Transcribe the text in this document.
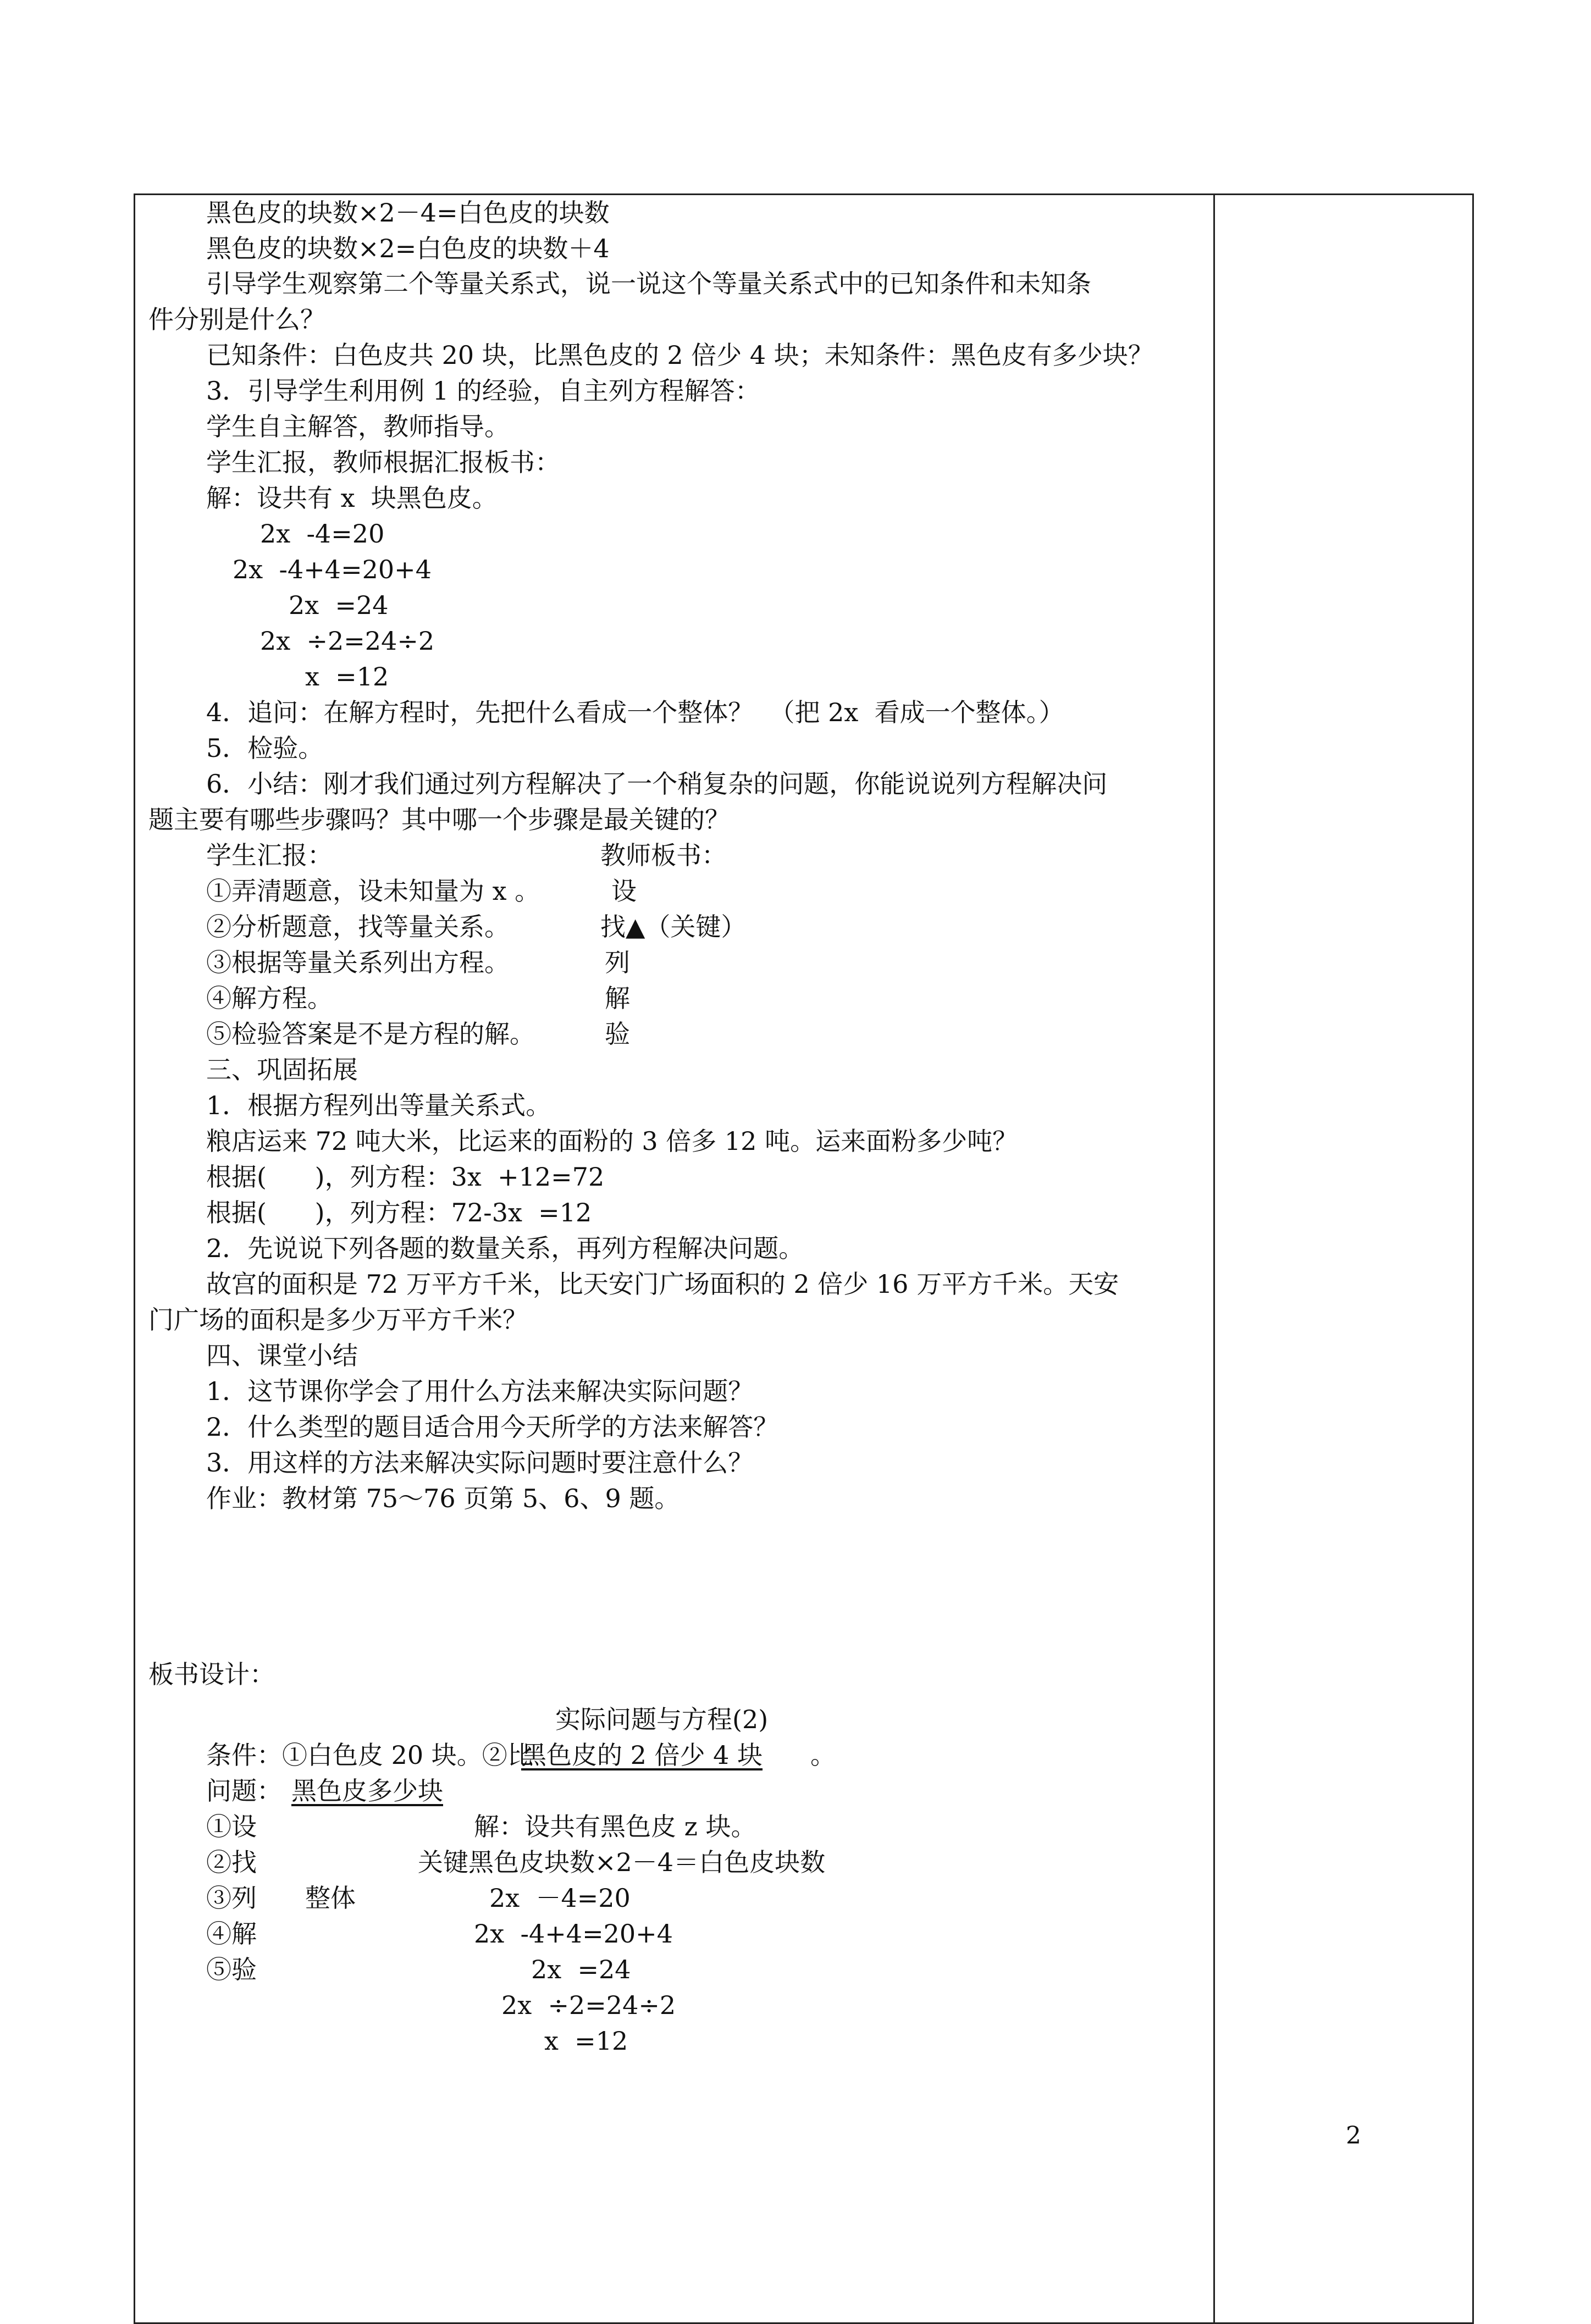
黑色皮的块数×2－4=白色皮的块数
黑色皮的块数×2=白色皮的块数＋4
引导学生观察第二个等量关系式，说一说这个等量关系式中的已知条件和未知条
件分别是什么？
已知条件：白色皮共 20 块，比黑色皮的 2 倍少 4 块；未知条件：黑色皮有多少块？
3．引导学生利用例 1 的经验，自主列方程解答：
学生自主解答，教师指导。
学生汇报，教师根据汇报板书：
解：设共有 x  块黑色皮。
2x  -4=20
2x  -4+4=20+4
2x  =24
2x  ÷2=24÷2
x  =12
4．追问：在解方程时，先把什么看成一个整体？  （把 2x  看成一个整体。）
5．检验。
6．小结：刚才我们通过列方程解决了一个稍复杂的问题，你能说说列方程解决问
题主要有哪些步骤吗？其中哪一个步骤是最关键的？
学生汇报：	教师板书：
①弄清题意，设未知量为 x 。	设
②分析题意，找等量关系。	找▲（关键）
③根据等量关系列出方程。	列
④解方程。	解
⑤检验答案是不是方程的解。	验
三、巩固拓展
1．根据方程列出等量关系式。
粮店运来 72 吨大米，比运来的面粉的 3 倍多 12 吨。运来面粉多少吨？
根据(      )，列方程：3x  +12=72
根据(      )，列方程：72-3x  =12
2．先说说下列各题的数量关系，再列方程解决问题。
故宫的面积是 72 万平方千米，比天安门广场面积的 2 倍少 16 万平方千米。天安
门广场的面积是多少万平方千米？
四、课堂小结
1．这节课你学会了用什么方法来解决实际问题？
2．什么类型的题目适合用今天所学的方法来解答？
3．用这样的方法来解决实际问题时要注意什么？
作业：教材第 75～76 页第 5、6、9 题。
板书设计：
实际问题与方程(2)
条件：①白色皮 20 块。②比
黑色皮的 2 倍少 4 块 。
问题： 黑色皮多少块
①设	解：设共有黑色皮 z 块。
②找	关键黑色皮块数×2－4＝白色皮块数
③列 整体	2x  －4=20
④解	2x  -4+4=20+4
⑤验	2x  =24
2x  ÷2=24÷2
x  =12
2
